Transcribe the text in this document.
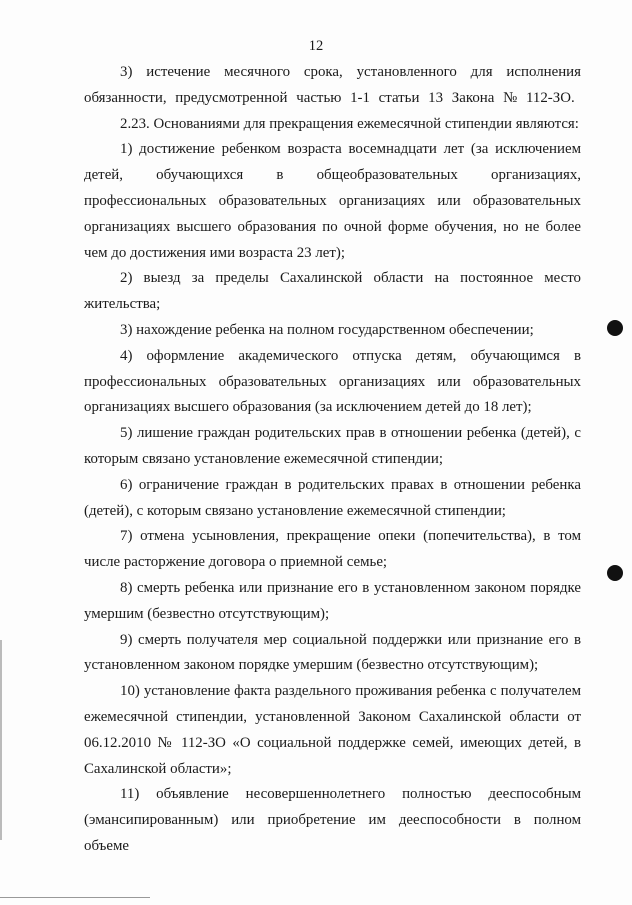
12

3) истечение месячного срока, установленного для исполнения обязанности, предусмотренной частью 1-1 статьи 13 Закона № 112-ЗО.

2.23. Основаниями для прекращения ежемесячной стипендии являются:

1) достижение ребенком возраста восемнадцати лет (за исключением детей, обучающихся в общеобразовательных организациях, профессиональных образовательных организациях или образовательных организациях высшего образования по очной форме обучения, но не более чем до достижения ими возраста 23 лет);

2) выезд за пределы Сахалинской области на постоянное место жительства;

3) нахождение ребенка на полном государственном обеспечении;

4) оформление академического отпуска детям, обучающимся в профессиональных образовательных организациях или образовательных организациях высшего образования (за исключением детей до 18 лет);

5) лишение граждан родительских прав в отношении ребенка (детей), с которым связано установление ежемесячной стипендии;

6) ограничение граждан в родительских правах в отношении ребенка (детей), с которым связано установление ежемесячной стипендии;

7) отмена усыновления, прекращение опеки (попечительства), в том числе расторжение договора о приемной семье;

8) смерть ребенка или признание его в установленном законом порядке умершим (безвестно отсутствующим);

9) смерть получателя мер социальной поддержки или признание его в установленном законом порядке умершим (безвестно отсутствующим);

10) установление факта раздельного проживания ребенка с получателем ежемесячной стипендии, установленной Законом Сахалинской области от 06.12.2010 № 112-ЗО «О социальной поддержке семей, имеющих детей, в Сахалинской области»;

11) объявление несовершеннолетнего полностью дееспособным (эмансипированным) или приобретение им дееспособности в полном объеме
